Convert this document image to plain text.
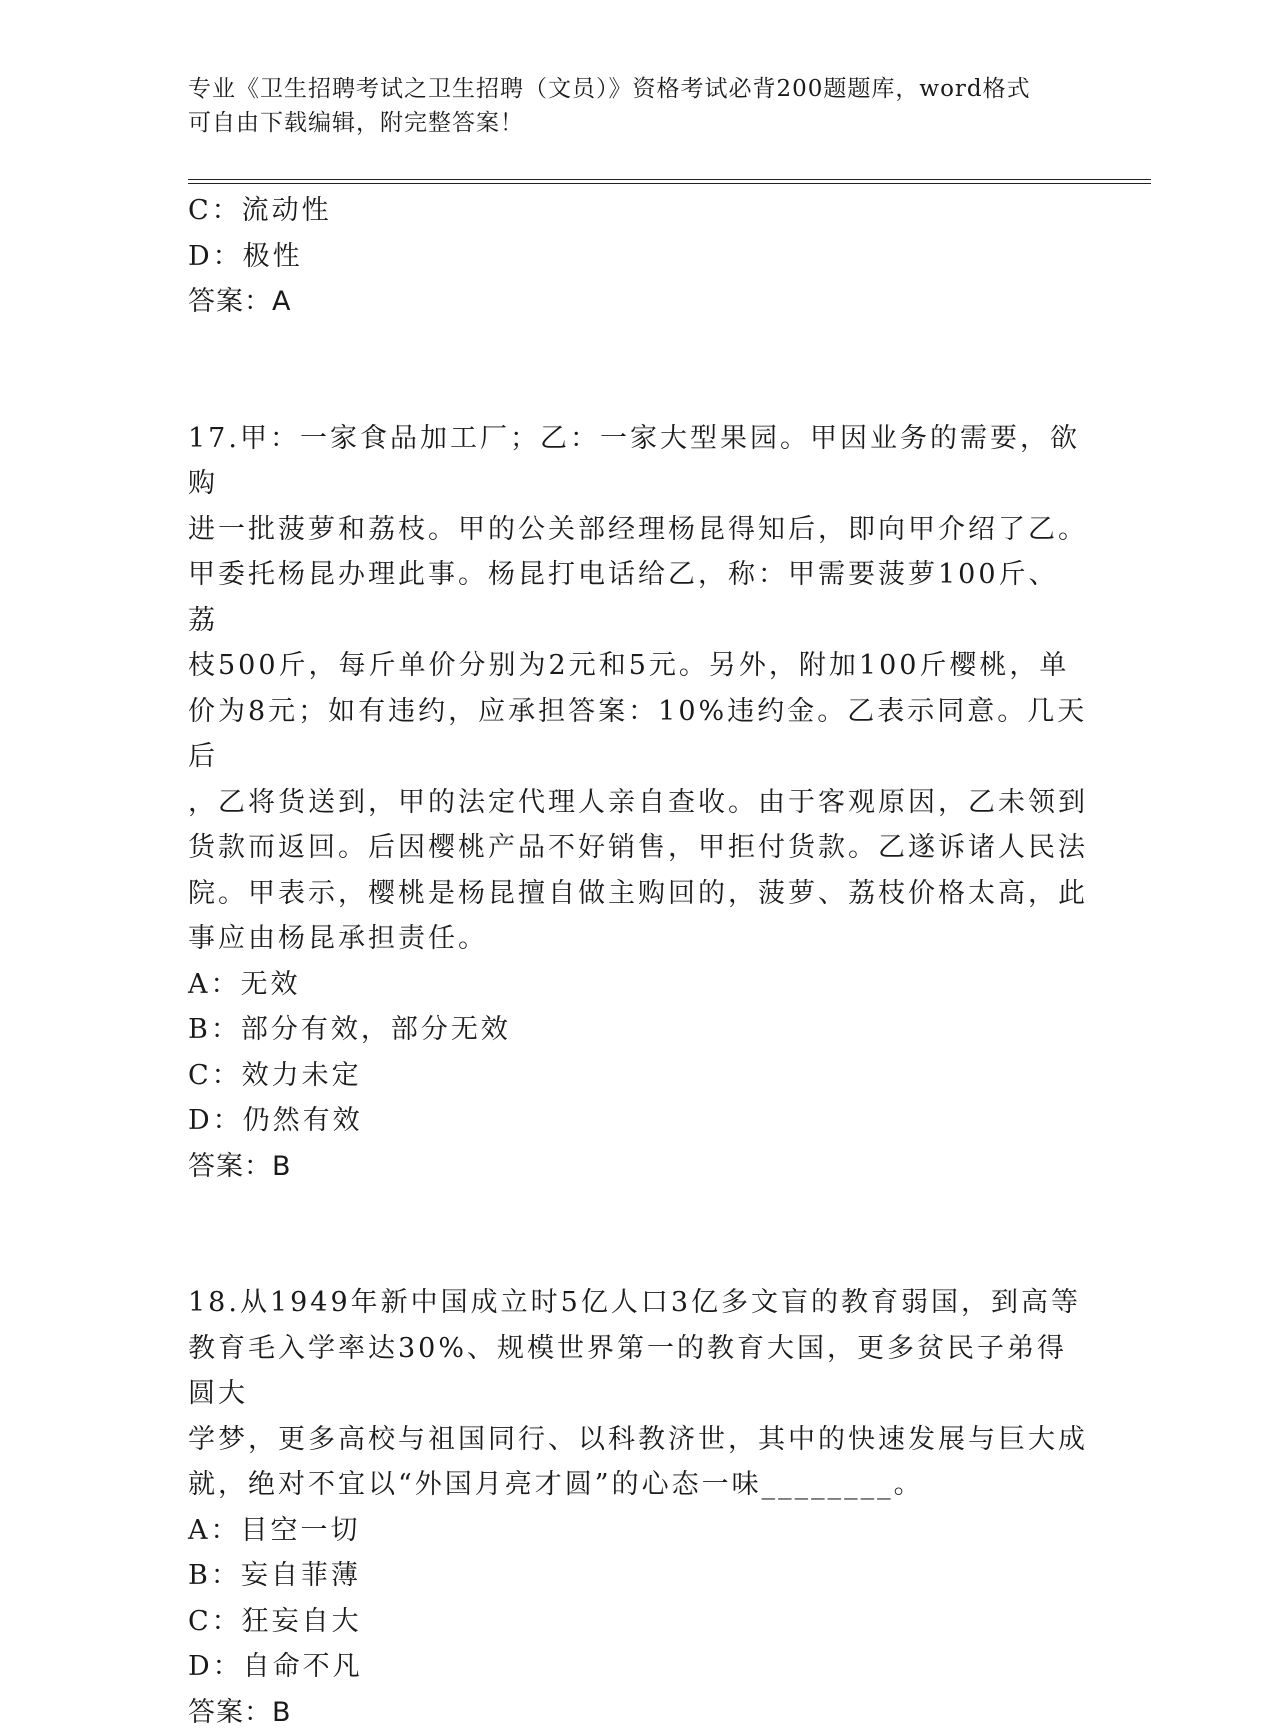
专业《卫生招聘考试之卫生招聘（文员）》资格考试必背200题题库，word格式
可自由下载编辑，附完整答案！
C：流动性
D：极性
答案：A
17.甲：一家食品加工厂；乙：一家大型果园。甲因业务的需要，欲购
进一批菠萝和荔枝。甲的公关部经理杨昆得知后，即向甲介绍了乙。
甲委托杨昆办理此事。杨昆打电话给乙，称：甲需要菠萝100斤、荔
枝500斤，每斤单价分别为2元和5元。另外，附加100斤樱桃，单
价为8元；如有违约，应承担答案：10%违约金。乙表示同意。几天后
，乙将货送到，甲的法定代理人亲自查收。由于客观原因，乙未领到
货款而返回。后因樱桃产品不好销售，甲拒付货款。乙遂诉诸人民法
院。甲表示，樱桃是杨昆擅自做主购回的，菠萝、荔枝价格太高，此
事应由杨昆承担责任。
A：无效
B：部分有效，部分无效
C：效力未定
D：仍然有效
答案：B
18.从1949年新中国成立时5亿人口3亿多文盲的教育弱国，到高等
教育毛入学率达30%、规模世界第一的教育大国，更多贫民子弟得圆大
学梦，更多高校与祖国同行、以科教济世，其中的快速发展与巨大成
就，绝对不宜以“外国月亮才圆”的心态一味________。
A：目空一切
B：妄自菲薄
C：狂妄自大
D：自命不凡
答案：B
